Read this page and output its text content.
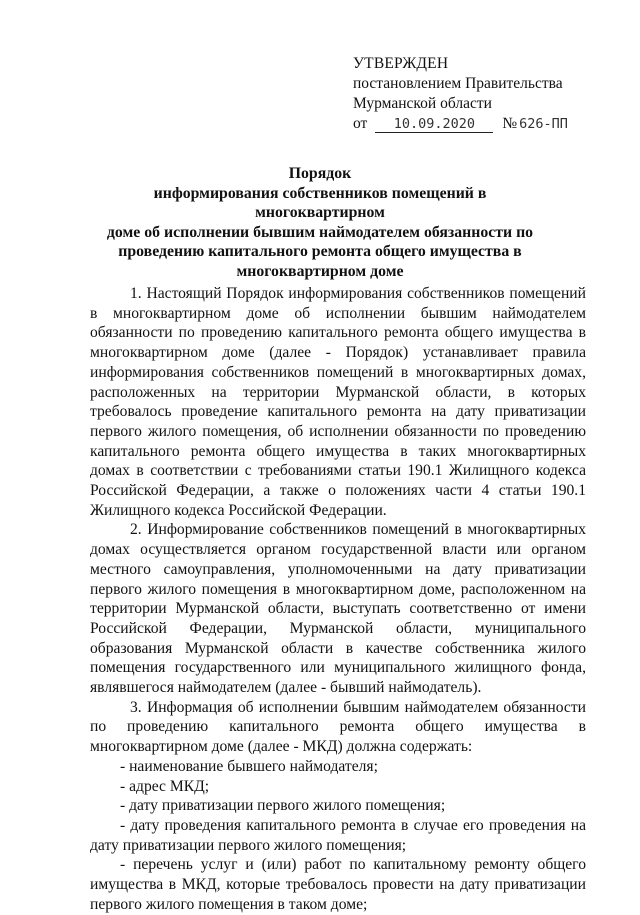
УТВЕРЖДЕН
постановлением Правительства
Мурманской области
от	10.09.2020	№ 626-ПП
Порядок
информирования собственников помещений в многоквартирном
доме об исполнении бывшим наймодателем обязанности по
проведению капитального ремонта общего имущества в
многоквартирном доме

1. Настоящий Порядок информирования собственников помещений в многоквартирном доме об исполнении бывшим наймодателем обязанности по проведению капитального ремонта общего имущества в многоквартирном доме (далее - Порядок) устанавливает правила информирования собственников помещений в многоквартирных домах, расположенных на территории Мурманской области, в которых требовалось проведение капитального ремонта на дату приватизации первого жилого помещения, об исполнении обязанности по проведению капитального ремонта общего имущества в таких многоквартирных домах в соответствии с требованиями статьи 190.1 Жилищного кодекса Российской Федерации, а также о положениях части 4 статьи 190.1 Жилищного кодекса Российской Федерации.

2. Информирование собственников помещений в многоквартирных домах осуществляется органом государственной власти или органом местного самоуправления, уполномоченными на дату приватизации первого жилого помещения в многоквартирном доме, расположенном на территории Мурманской области, выступать соответственно от имени Российской Федерации, Мурманской области, муниципального образования Мурманской области в качестве собственника жилого помещения государственного или муниципального жилищного фонда, являвшегося наймодателем (далее - бывший наймодатель).

3. Информация об исполнении бывшим наймодателем обязанности по проведению капитального ремонта общего имущества в многоквартирном доме (далее - МКД) должна содержать:

- наименование бывшего наймодателя;

- адрес МКД;

- дату приватизации первого жилого помещения;

- дату проведения капитального ремонта в случае его проведения на дату приватизации первого жилого помещения;

- перечень услуг и (или) работ по капитальному ремонту общего имущества в МКД, которые требовалось провести на дату приватизации первого жилого помещения в таком доме;
